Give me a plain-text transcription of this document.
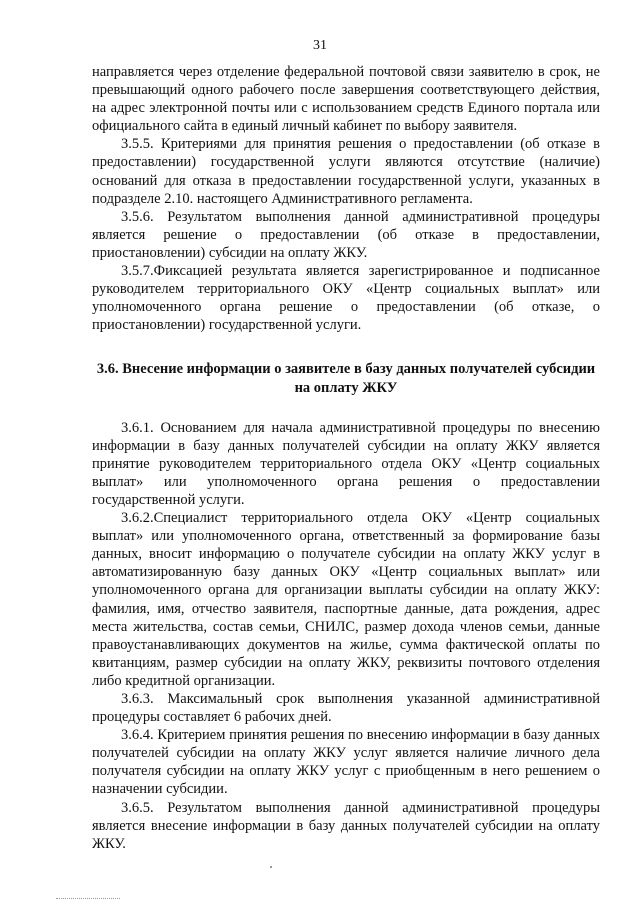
31

направляется через отделение федеральной почтовой связи заявителю в срок, не превышающий одного рабочего после завершения соответствующего действия, на адрес электронной почты или с использованием средств Единого портала или официального сайта в единый личный кабинет по выбору заявителя.

3.5.5. Критериями для принятия решения о предоставлении (об отказе в предоставлении) государственной услуги являются отсутствие (наличие) оснований для отказа в предоставлении государственной услуги, указанных в подразделе 2.10. настоящего Административного регламента.

3.5.6. Результатом выполнения данной административной процедуры является решение о предоставлении (об отказе в предоставлении, приостановлении) субсидии на оплату ЖКУ.

3.5.7.Фиксацией результата является зарегистрированное и подписанное руководителем территориального ОКУ «Центр социальных выплат» или уполномоченного органа решение о предоставлении (об отказе, о приостановлении) государственной услуги.

3.6. Внесение информации о заявителе в базу данных получателей субсидии на оплату ЖКУ

3.6.1. Основанием для начала административной процедуры по внесению информации в базу данных получателей субсидии на оплату ЖКУ является принятие руководителем территориального отдела ОКУ «Центр социальных выплат» или уполномоченного органа решения о предоставлении государственной услуги.

3.6.2.Специалист территориального отдела ОКУ «Центр социальных выплат» или уполномоченного органа, ответственный за формирование базы данных, вносит информацию о получателе субсидии на оплату ЖКУ услуг в автоматизированную базу данных ОКУ «Центр социальных выплат» или уполномоченного органа для организации выплаты субсидии на оплату ЖКУ: фамилия, имя, отчество заявителя, паспортные данные, дата рождения, адрес места жительства, состав семьи, СНИЛС, размер дохода членов семьи, данные правоустанавливающих документов на жилье, сумма фактической оплаты по квитанциям, размер субсидии на оплату ЖКУ, реквизиты почтового отделения либо кредитной организации.

3.6.3. Максимальный срок выполнения указанной административной процедуры составляет 6 рабочих дней.

3.6.4. Критерием принятия решения по внесению информации в базу данных получателей субсидии на оплату ЖКУ услуг является наличие личного дела получателя субсидии на оплату ЖКУ услуг с приобщенным в него решением о назначении субсидии.

3.6.5. Результатом выполнения данной административной процедуры является внесение информации в базу данных получателей субсидии на оплату ЖКУ.
